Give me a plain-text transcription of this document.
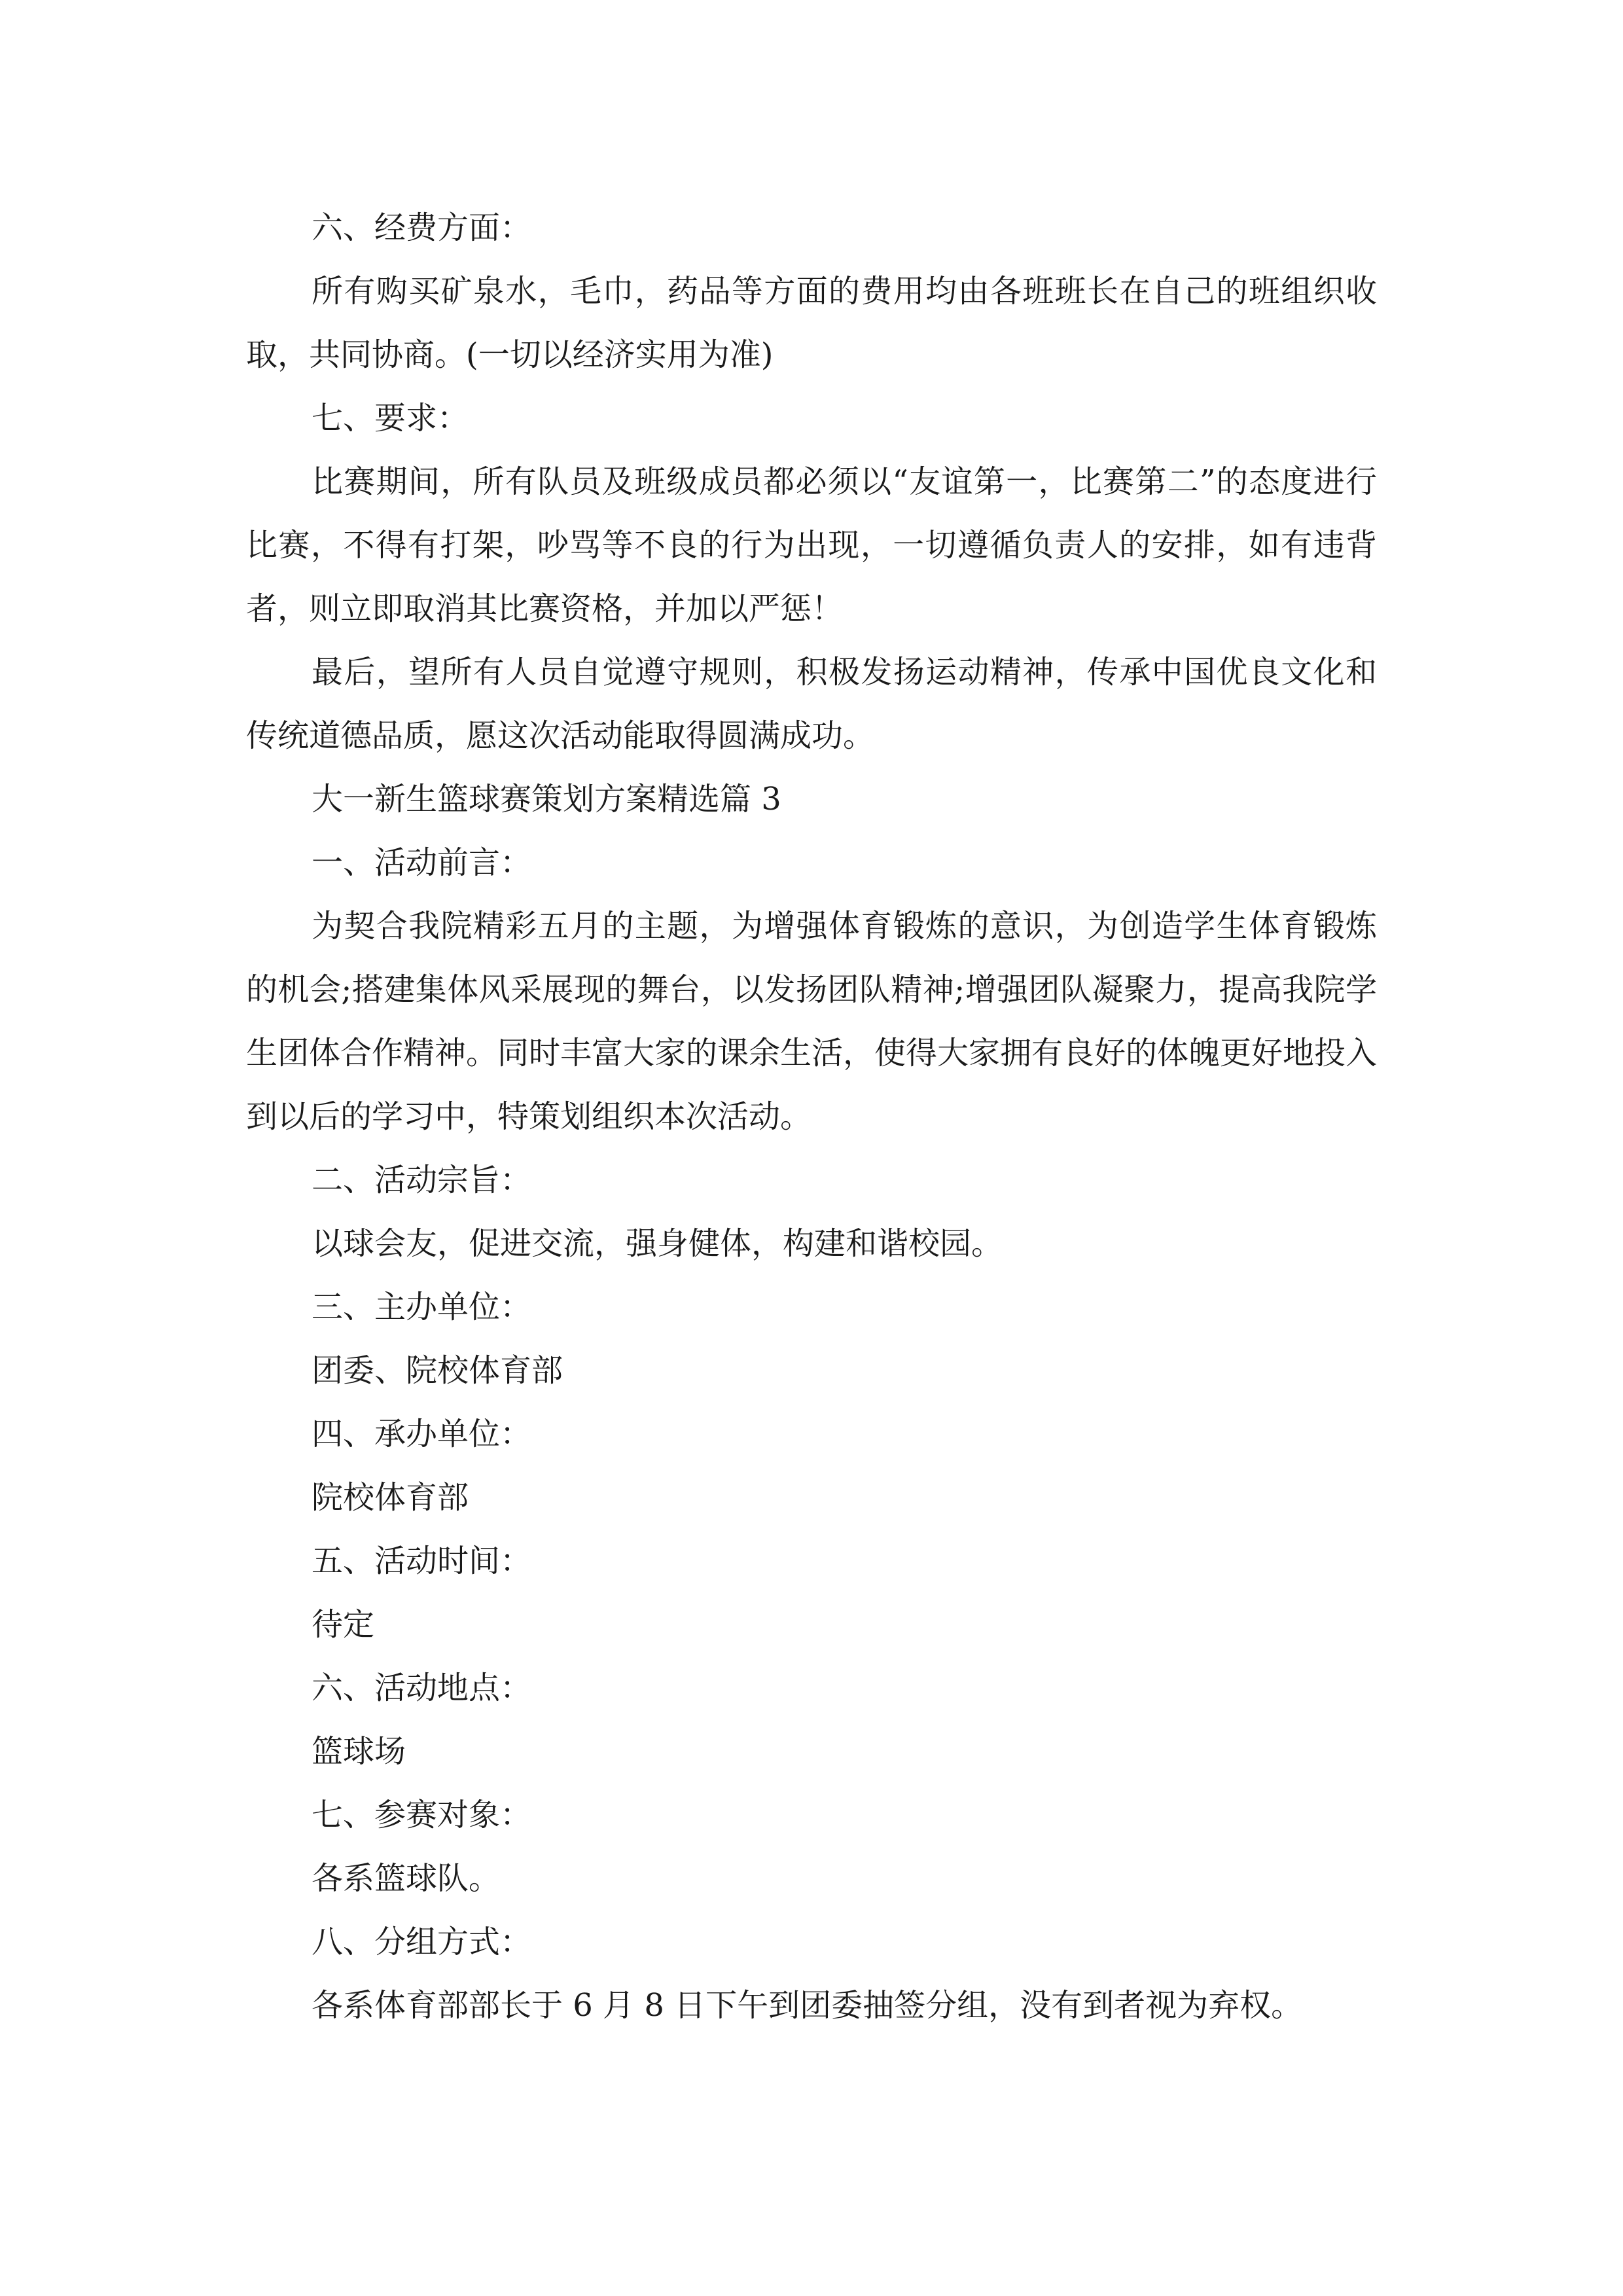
六、经费方面：

所有购买矿泉水，毛巾，药品等方面的费用均由各班班长在自己的班组织收取，共同协商。(一切以经济实用为准)

七、要求：

比赛期间，所有队员及班级成员都必须以“友谊第一，比赛第二”的态度进行比赛，不得有打架，吵骂等不良的行为出现，一切遵循负责人的安排，如有违背者，则立即取消其比赛资格，并加以严惩！

最后，望所有人员自觉遵守规则，积极发扬运动精神，传承中国优良文化和传统道德品质，愿这次活动能取得圆满成功。

大一新生篮球赛策划方案精选篇 3

一、活动前言：

为契合我院精彩五月的主题，为增强体育锻炼的意识，为创造学生体育锻炼的机会;搭建集体风采展现的舞台，以发扬团队精神;增强团队凝聚力，提高我院学生团体合作精神。同时丰富大家的课余生活，使得大家拥有良好的体魄更好地投入到以后的学习中，特策划组织本次活动。

二、活动宗旨：

以球会友，促进交流，强身健体，构建和谐校园。

三、主办单位：

团委、院校体育部

四、承办单位：

院校体育部

五、活动时间：

待定

六、活动地点：

篮球场

七、参赛对象：

各系篮球队。

八、分组方式：

各系体育部部长于 6 月 8 日下午到团委抽签分组，没有到者视为弃权。
